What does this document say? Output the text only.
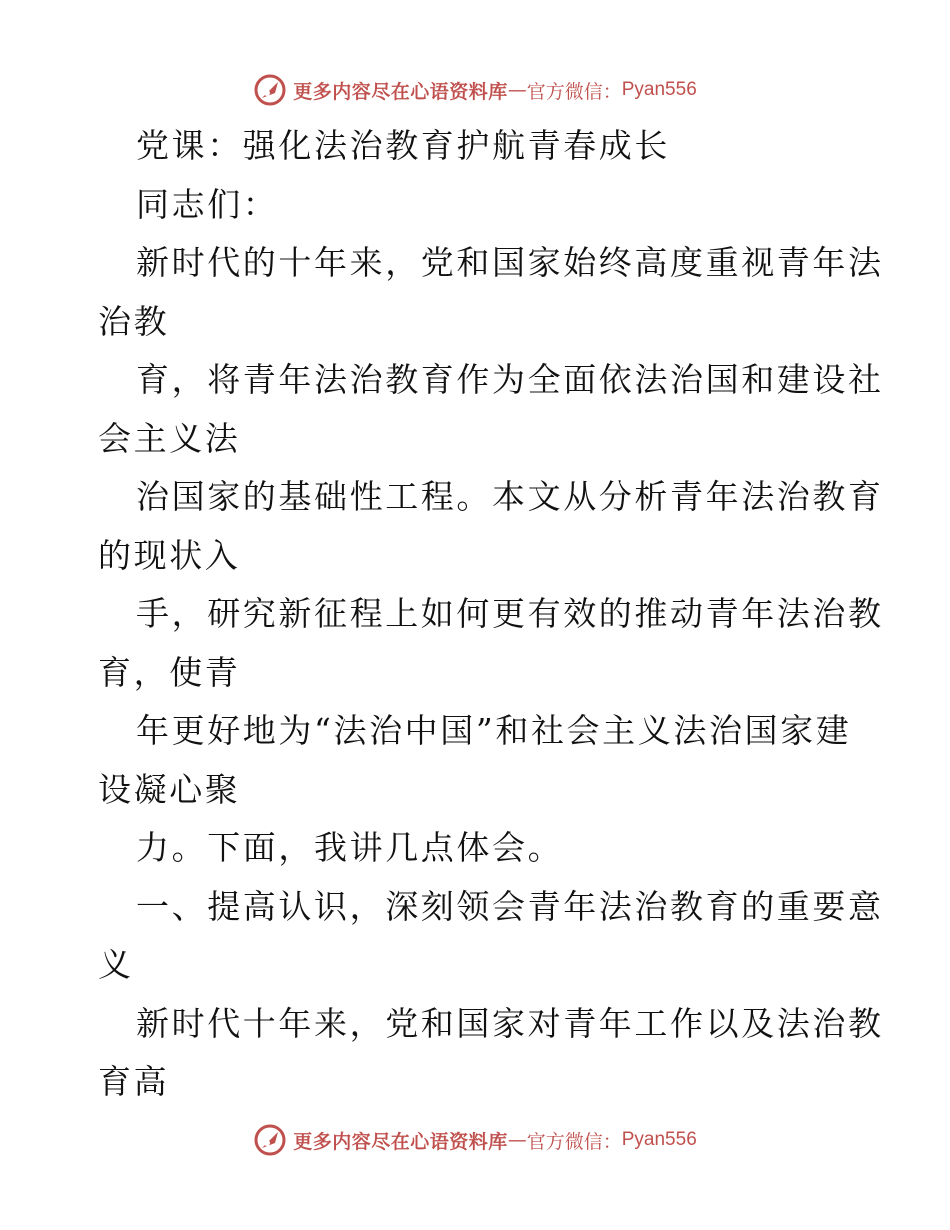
更多内容尽在心语资料库 — 官方微信： Pyan556
党课：强化法治教育护航青春成长
同志们：
新时代的十年来，党和国家始终高度重视青年法
治教
育，将青年法治教育作为全面依法治国和建设社
会主义法
治国家的基础性工程。本文从分析青年法治教育
的现状入
手，研究新征程上如何更有效的推动青年法治教
育，使青
年更好地为“法治中国”和社会主义法治国家建
设凝心聚
力。下面，我讲几点体会。
一、提高认识，深刻领会青年法治教育的重要意
义
新时代十年来，党和国家对青年工作以及法治教
育高
更多内容尽在心语资料库 — 官方微信： Pyan556
